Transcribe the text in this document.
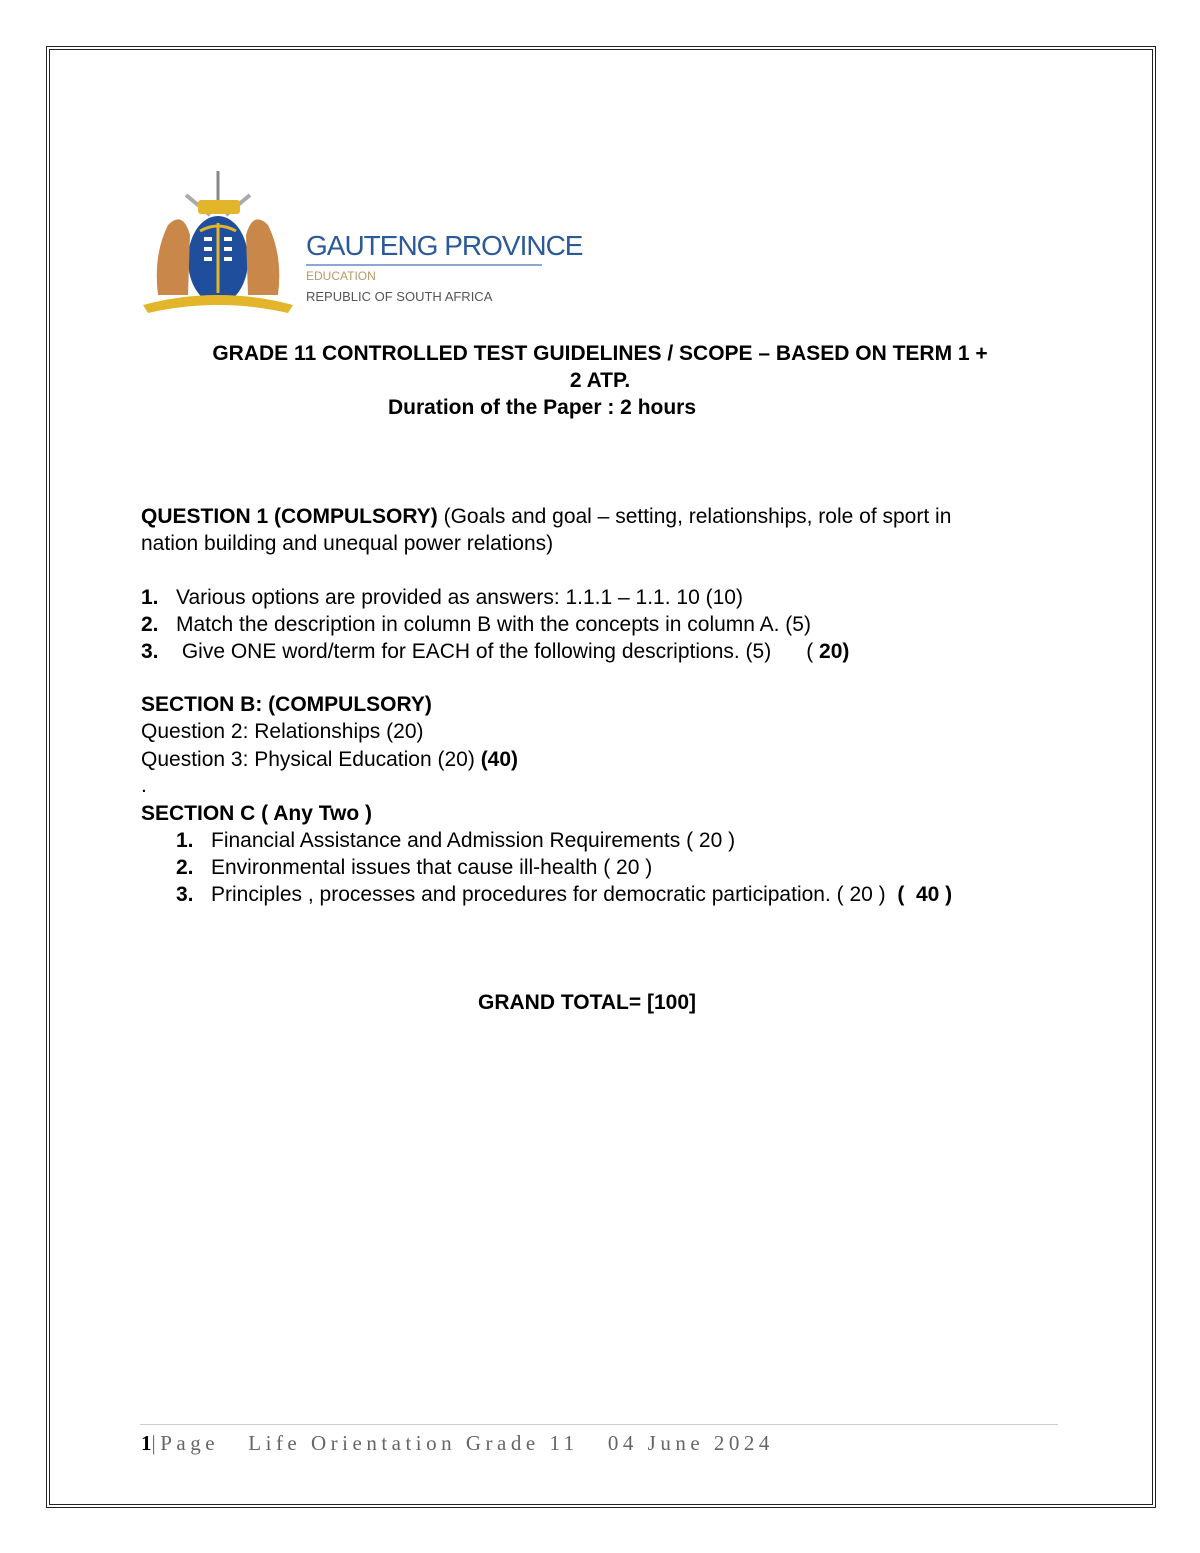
GAUTENG PROVINCE
EDUCATION
REPUBLIC OF SOUTH AFRICA
GRADE 11 CONTROLLED TEST GUIDELINES / SCOPE – BASED ON TERM 1 +
2 ATP.
Duration of the Paper : 2 hours
QUESTION 1 (COMPULSORY) (Goals and goal – setting, relationships, role of sport in
nation building and unequal power relations)
1. Various options are provided as answers: 1.1.1 – 1.1. 10 (10)
2. Match the description in column B with the concepts in column A. (5)
3. Give ONE word/term for EACH of the following descriptions. (5)      ( 20)
SECTION B: (COMPULSORY)
Question 2: Relationships (20)
Question 3: Physical Education (20) (40)
.
SECTION C ( Any Two )
1. Financial Assistance and Admission Requirements ( 20 )
2. Environmental issues that cause ill-health ( 20 )
3. Principles , processes and procedures for democratic participation. ( 20 )  (  40 )
GRAND TOTAL= [100]
1|Page Life Orientation Grade 11 04 June 2024
